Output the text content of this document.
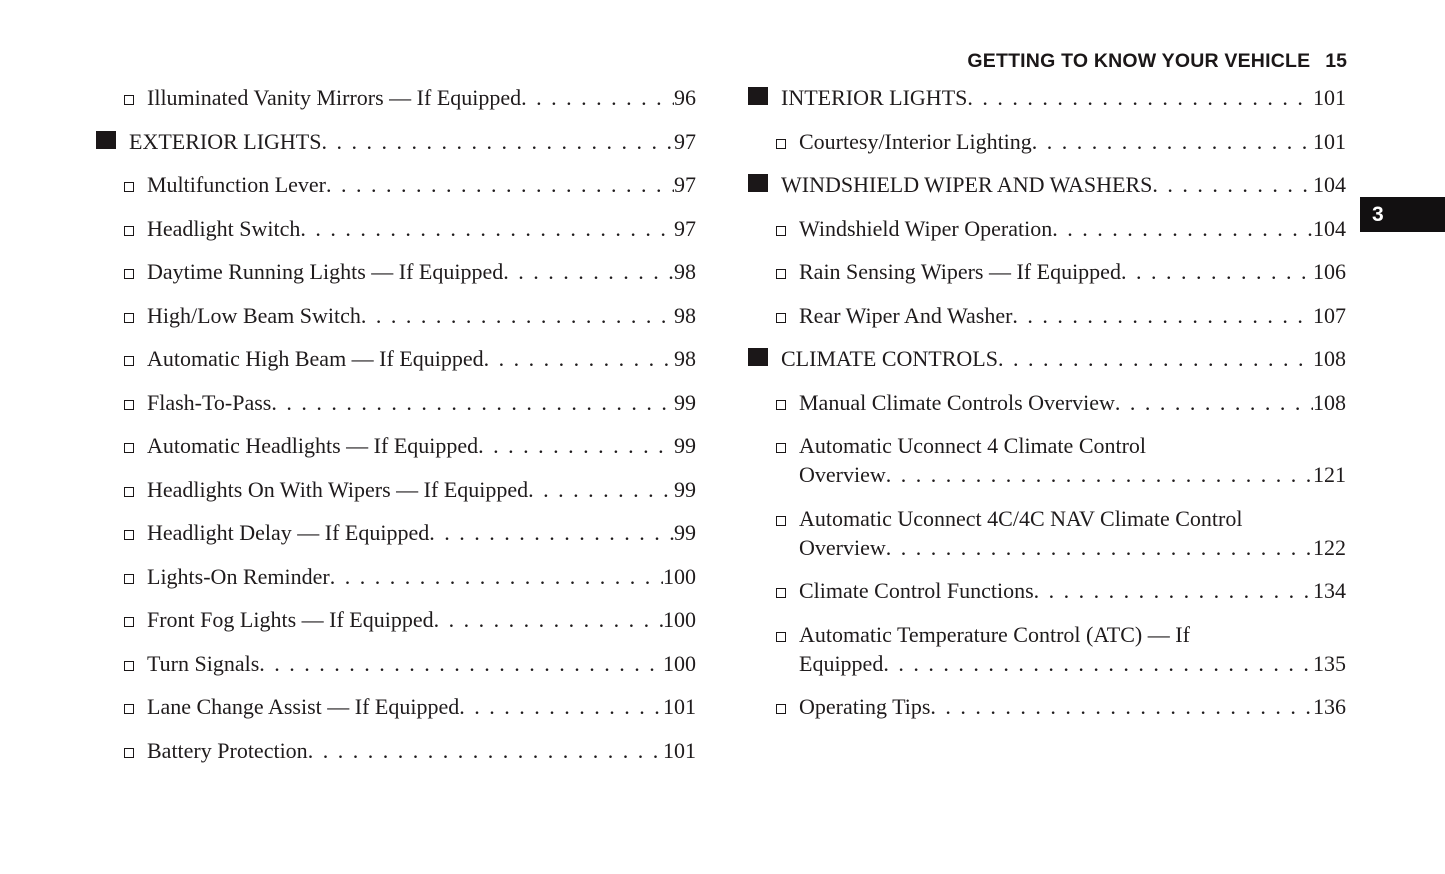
GETTING TO KNOW YOUR VEHICLE 15
3
Illuminated Vanity Mirrors — If Equipped . . .	96
EXTERIOR LIGHTS . . .	97
Multifunction Lever . . .	97
Headlight Switch . . .	97
Daytime Running Lights — If Equipped . . .	98
High/Low Beam Switch . . .	98
Automatic High Beam — If Equipped . . .	98
Flash-To-Pass . . .	99
Automatic Headlights — If Equipped . . .	99
Headlights On With Wipers — If Equipped . . .	99
Headlight Delay — If Equipped . . .	99
Lights-On Reminder . . .	100
Front Fog Lights — If Equipped . . .	100
Turn Signals . . .	100
Lane Change Assist — If Equipped . . .	101
Battery Protection . . .	101
INTERIOR LIGHTS . . .	101
Courtesy/Interior Lighting . . .	101
WINDSHIELD WIPER AND WASHERS . . .	104
Windshield Wiper Operation . . .	104
Rain Sensing Wipers — If Equipped . . .	106
Rear Wiper And Washer . . .	107
CLIMATE CONTROLS . . .	108
Manual Climate Controls Overview . . .	108
Automatic Uconnect 4 Climate Control
Overview . . .	121
Automatic Uconnect 4C/4C NAV Climate Control
Overview . . .	122
Climate Control Functions . . .	134
Automatic Temperature Control (ATC) — If
Equipped . . .	135
Operating Tips . . .	136
